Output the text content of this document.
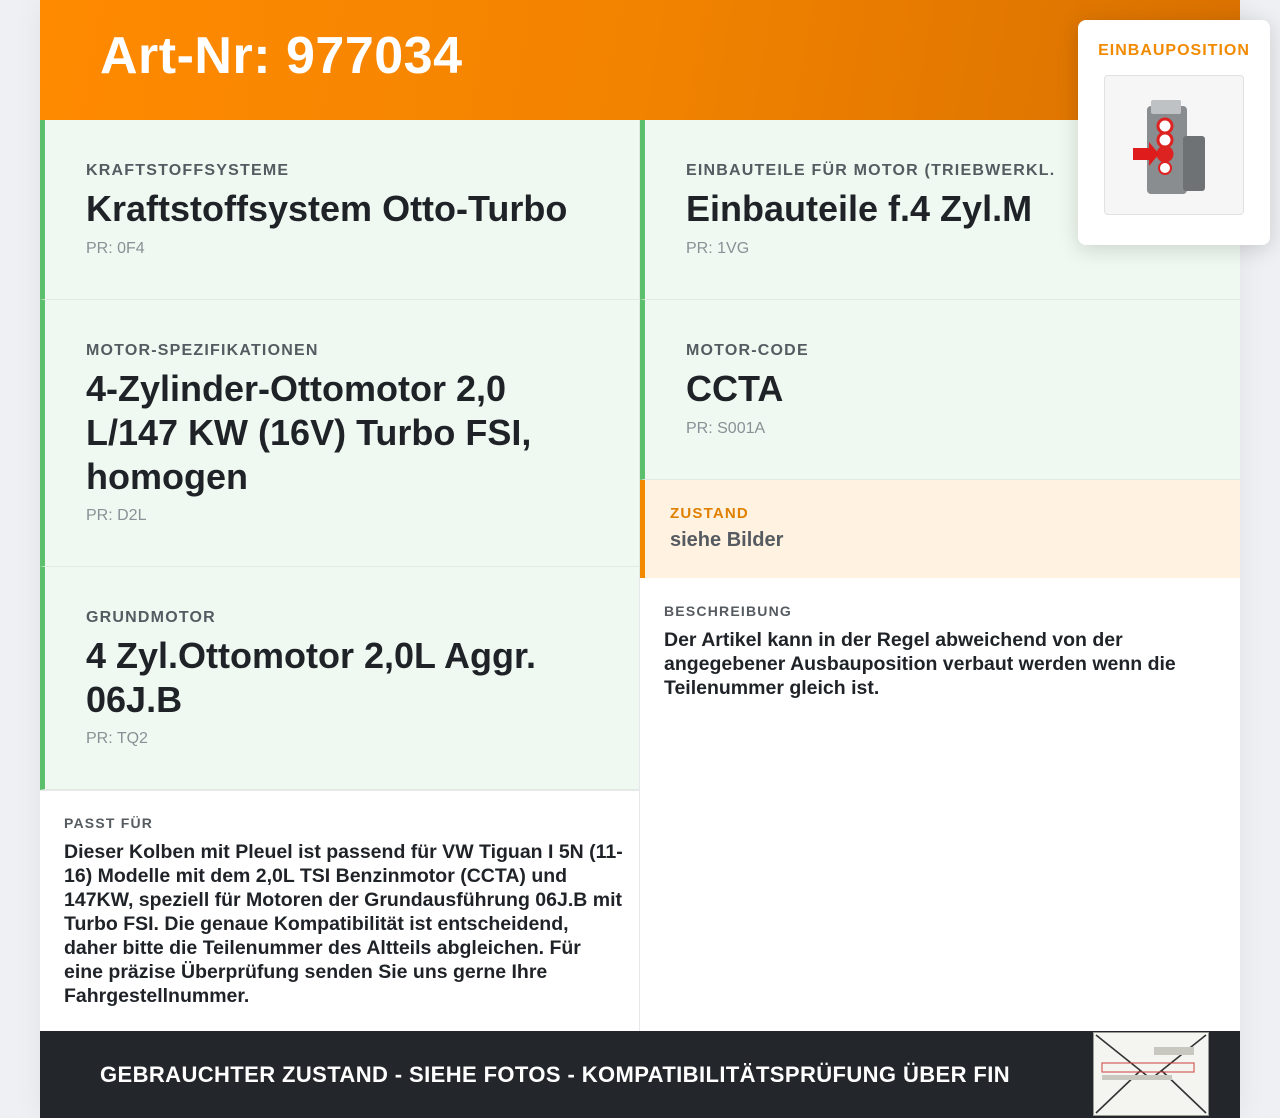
Art-Nr: 977034
KRAFTSTOFFSYSTEME
Kraftstoffsystem Otto-Turbo
PR: 0F4
EINBAUTEILE FÜR MOTOR (TRIEBWERKL.
Einbauteile f.4 Zyl.M
PR: 1VG
MOTOR-SPEZIFIKATIONEN
4-Zylinder-Ottomotor 2,0 L/147 KW (16V) Turbo FSI, homogen
PR: D2L
MOTOR-CODE
CCTA
PR: S001A
GRUNDMOTOR
4 Zyl.Ottomotor 2,0L Aggr. 06J.B
PR: TQ2
ZUSTAND
siehe Bilder
BESCHREIBUNG
Der Artikel kann in der Regel abweichend von der angegebener Ausbauposition verbaut werden wenn die Teilenummer gleich ist.
PASST FÜR
Dieser Kolben mit Pleuel ist passend für VW Tiguan I 5N (11-16) Modelle mit dem 2,0L TSI Benzinmotor (CCTA) und 147KW, speziell für Motoren der Grundausführung 06J.B mit Turbo FSI. Die genaue Kompatibilität ist entscheidend, daher bitte die Teilenummer des Altteils abgleichen. Für eine präzise Überprüfung senden Sie uns gerne Ihre Fahrgestellnummer.
GEBRAUCHTER ZUSTAND - SIEHE FOTOS - KOMPATIBILITÄTSPRÜFUNG ÜBER FIN
EINBAUPOSITION
